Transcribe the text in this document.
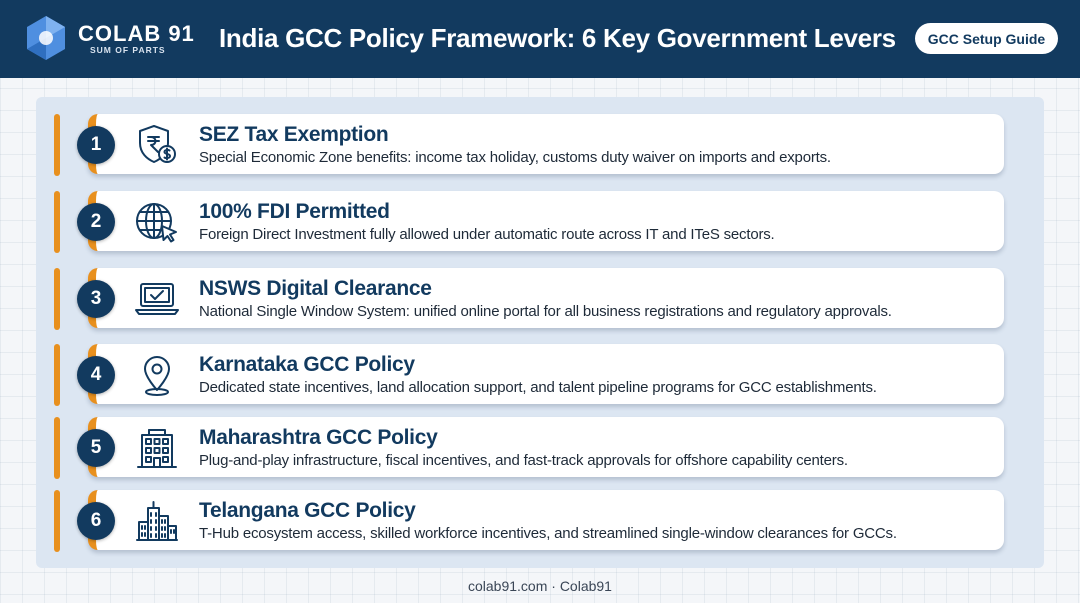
COLAB 91
SUM OF PARTS India GCC Policy Framework: 6 Key Government Levers	GCC Setup Guide
1	SEZ Tax Exemption
Special Economic Zone benefits: income tax holiday, customs duty waiver on imports and exports.
2	100% FDI Permitted
Foreign Direct Investment fully allowed under automatic route across IT and ITeS sectors.
3	NSWS Digital Clearance
National Single Window System: unified online portal for all business registrations and regulatory approvals.
4	Karnataka GCC Policy
Dedicated state incentives, land allocation support, and talent pipeline programs for GCC establishments.
5	Maharashtra GCC Policy
Plug-and-play infrastructure, fiscal incentives, and fast-track approvals for offshore capability centers.
6	Telangana GCC Policy
T-Hub ecosystem access, skilled workforce incentives, and streamlined single-window clearances for GCCs.
colab91.com · Colab91
